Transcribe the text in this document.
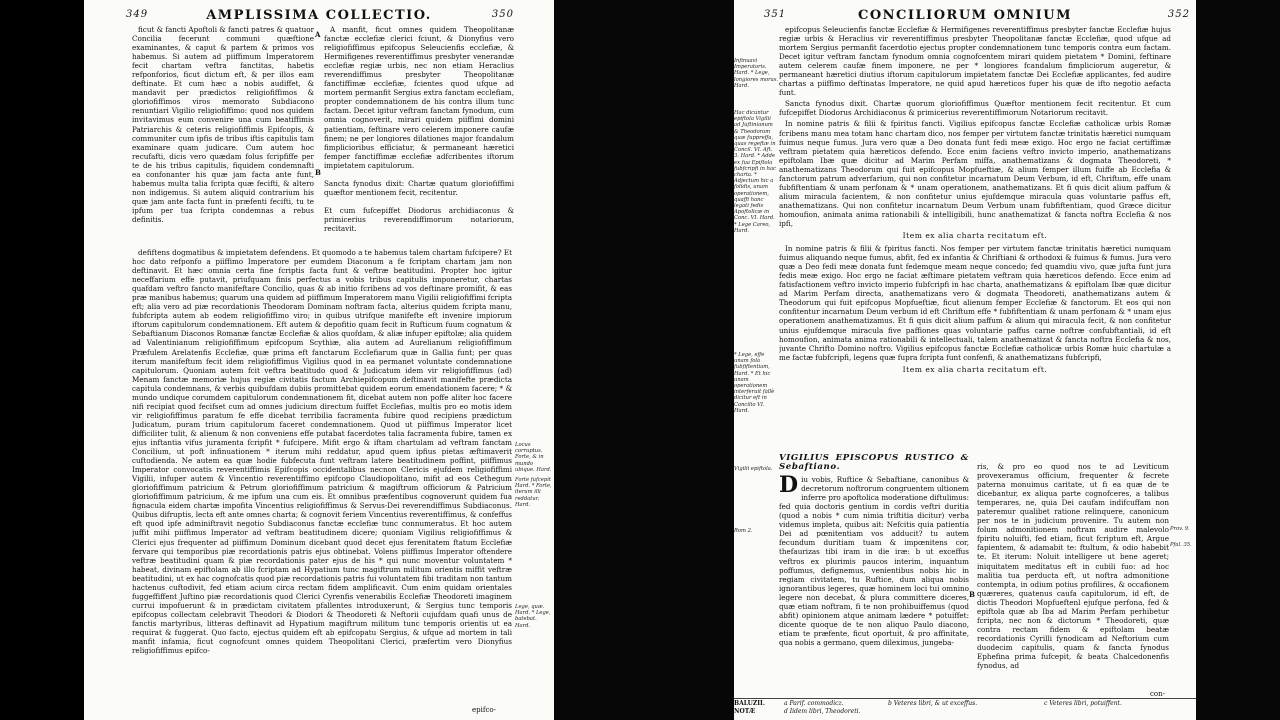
349	AMPLISSIMA COLLECTIO.	350

ficut & fancti Apoftoli & fancti patres & quatuor Concilia fecerunt communi quæftione examinantes, & caput & partem & primos vos habemus. Si autem ad piiffimum Imperatorem fecit chartam veftra fanctitas, habetis refponforios, ficut dictum eft, & per illos eam deftinate. Et cum hæc a nobis audiffet, & mandavit per prædictos religiofiffimos & gloriofiffimos viros memorato Subdiacono renuntiari Vigilio religiofiffimo: quod nos quidem invitavimus eum convenire una cum beatiffimis Patriarchis & ceteris religiofiffimis Epifcopis, & communiter cum ipfis de tribus iftis capitulis tam examinare quam judicare. Cum autem hoc recufafti, dicis vero quædam folus fcripfiffe per te de his tribus capitulis, fiquidem condemnafti ea confonanter his quæ jam facta ante funt, habemus multa talia fcripta quæ fecifti, & altero non indigemus. Si autem aliquid contrarium his quæ jam ante facta funt in præfenti fecifti, tu te ipfum per tua fcripta condemnas a rebus definitis.

A
B

A manfit, ficut omnes quidem Theopolitanæ fanctæ ecclefiæ clerici fciunt, & Dionyfius vero religiofiffimus epifcopus Seleucienfis ecclefiæ, & Hermifigenes reverentiffimus presbyter venerandæ ecclefiæ regiæ urbis, nec non etiam Heraclius reverendiffimus presbyter Theopolitanæ fanctiffimæ ecclefiæ, fcientes quod ufque ad mortem permanfit Sergius extra fanctam ecclefiam, propter condemnationem de his contra illum tunc factam. Decet igitur veftram fanctam fynodum, cum omnia cognoverit, mirari quidem piiffimi domini patientiam, feftinare vero celerem imponere caufæ finem; ne per longiores dilationes major fcandalum fimplicioribus efficiatur, & permaneant hæretici femper fanctiffimæ ecclefiæ adfcribentes iftorum impietatem capitulorum.

Sancta fynodus dixit: Chartæ quatum gloriofiffimi quæftor mentionem fecit, recitentur.

Et cum fufcepiffet Diodorus archidiaconus & primicerius reverendiffimorum notariorum, recitavit.

defiftens dogmatibus & impietatem defendens. Et quomodo a te habemus talem chartam fufcipere? Et hoc dato refponfo a piiffimo Imperatore per eumdem Diaconum a fe fcriptam chartam jam non deftinavit. Et hæc omnia certa fine fcriptis facta funt & veftræ beatitudini. Propter hoc igitur neceffarium effe putavit, priufquam finis perfectus a vobis tribus capitulis imponeretur, chartas quafdam veftro fancto manifeftare Concilio, quas & ab initio fcribens ad vos deftinare promifit, & eas præ manibus habemus; quarum una quidem ad piiffimum Imperatorem manu Vigilii religiofiffimi fcripta eft; alia vero ad piæ recordationis Theodoram Dominam noftram facta, alterius quidem fcripta manu, fubfcripta autem ab eodem religiofiffimo viro; in quibus utrifque manifefte eft invenire impiorum iftorum capitulorum condemnationem. Eft autem & depofitio quam fecit in Rufticum fuum cognatum & Sebaftianum Diaconos Romanæ fanctæ Ecclefiæ & alios quofdam, & aliæ infuper epiftolæ; alia quidem ad Valentinianum religiofiffimum epifcopum Scythiæ, alia autem ad Aurelianum religiofiffimum Præfulem Arelatenfis Ecclefiæ, quæ prima eft fanctarum Ecclefiarum quæ in Gallia funt; per quas iterum manifeftum fecit idem religiofiffimus Vigilius quod in ea permanet voluntate condemnatione capitulorum. Quoniam autem fcit veftra beatitudo quod & Judicatum idem vir religiofiffimus (ad) Menam fanctæ memoriæ hujus regiæ civitatis factum Archiepifcopum deftinavit manifefte prædicta capitula condemnans, & verbis quibufdam dubiis promittebat quidem eorum emendationem facere; * & mundo undique corumdem capitulorum condemnationem fit, dicebat autem non poffe aliter hoc facere nifi recipiat quod fecifset cum ad omnes judicium directum fuiffet Ecclefias, multis pro eo motis idem vir religiofiffimus paratum fe effe dicebat terribilia facramenta fubire quod recipiens prædictum Judicatum, puram trium capitulorum faceret condemnationem. Quod ut piiffimus Imperator licet difficiliter tulit, & alienum & non conveniens effe putabat facerdotes talia facramenta fubire, tamen ex ejus inftantia vifus juramenta fcripfit * fufcipere. Mifit ergo & iftam chartulam ad veftram fanctam Concilium, ut poft infinuationem * iterum mihi reddatur, apud quem ipfius pietas æftimaverit cuftodienda. Ne autem ea quæ hodie fubfecuta funt veftram latere beatitudinem poffint, piiffimus Imperator convocatis reverentiffimis Epifcopis occidentalibus necnon Clericis ejufdem religiofiffimi Vigilii, infuper autem & Vincentio reverentiffimo epifcopo Claudiopolitano, mifit ad eos Cethegum gloriofiffimum patricium & Petrum gloriofiffimum patricium & magiftrum officiorum & Patricium gloriofiffimum patricium, & me ipfum una cum eis. Et omnibus præfentibus cognoverunt quidem fua fignacula eidem chartæ impofita Vincentius religiofiffimus & Servus-Dei reverendiffimus Subdiaconus. Quibus difruptis, lecta eft ante omnes charta; & cognovit feriem Vincentius reverentiffimus, & confeffus eft quod ipfe adminiftravit negotio Subdiaconus fanctæ ecclefiæ tunc connumeratus. Et hoc autem juffit mihi piiffimus Imperator ad veftram beatitudinem dicere; quoniam Vigilius religiofiffimus & Clerici ejus frequenter ad piiffimum Dominum dicebant quod decet ejus ferenitatem ftatum Ecclefiæ fervare qui temporibus piæ recordationis patris ejus obtinebat. Volens piiffimus Imperator oftendere veftræ beatitudini quam & piæ recordationis pater ejus de his * qui nunc moventur voluntatem * habeat, divinam epiftolam ab illo fcriptam ad Hypatium tunc magiftrum militum orientis miffit veftræ beatitudini, ut ex hac cognofcatis quod piæ recordationis patris fui voluntatem fibi traditam non tantum hactenus cuftodivit, fed etiam acium circa rectam fidem amplificavit. Cum enim quidam orientales fuggeffiffent Juftino piæ recordationis quod Clerici Cyrenfis venerabilis Ecclefiæ Theodoreti imaginem currui impofuerunt & in prædictam civitatem pfallentes introduxerunt, & Sergius tunc temporis epifcopus collectam celebravit Theodori & Diodori & Theodoreti & Neftorii cujufdam quafi unus de fanctis martyribus, litteras deftinavit ad Hypatium magiftrum militum tunc temporis orientis ut ea requirat & fuggerat. Quo facto, ejectus quidem eft ab epifcopatu Sergius, & ufque ad mortem in tali manfit infamia, ficut cognofcunt omnes quidem Theopolitani Clerici, præfertim vero Dionyfius religiofiffimus epifco-

Locus corruptus. Forte, & in mundo ubique. Hard.
Forte fufcepit Hard. * Forte, iterum illi reddatur. Hard.
Lege, quæ. Hard. * Lege, batebat. Hard.
epifco-
351	CONCILIORUM OMNIUM	352
Infinuavi Imperatoris. Hard. * Lege, longiores moras. Hard.
Hac dicuntur epiftola Vigilii ad Juftinianum & Theodoram quæ fuppreffa, quas regeftæ in Concil. VI. Aft. 3. Hard. * Adde ex fua Epiftola fubfcripfi in hac charta. * Adjectum hic a folidis, unam operationem, quaffi hanc legati fedis Apoftolicæ in Conc. VI. Hard. * Lege Careo, Hard.
* Lege, effe unam folà fubfiftentiam, Hard. * Et hic unam operationem interferuit fallè dicitur eft in Concilio VI. Hard.
Vigilii epiftola.
Rom 2.	Prov. 9.
Pfal. 35.

epifcopus Seleucienfis fanctæ Ecclefiæ & Hermifigenes reverentiffimus presbyter fanctæ Ecclefiæ hujus regiæ urbis & Heraclius vir reverentiffimus presbyter Theopolitanæ fanctæ Ecclefiæ, quod ufque ad mortem Sergius permanfit facerdotio ejectus propter condemnationem tunc temporis contra eum factam. Decet igitur veftram fanctam fynodum omnia cognofcentem mirari quidem pietatem * Domini, feftinare autem celerem caufæ finem imponere, ne per * longiores fcandalum fimpliciorum augeretur, & permaneant hæretici diutius iftorum capitulorum impietatem fanctæ Dei Ecclefiæ applicantes, fed audire chartas a piiffimo deftinatas Imperatore, ne quid apud hæreticos fuper his quæ de ifto negotio aefacta funt.

Sancta fynodus dixit. Chartæ quorum gloriofiffimus Quæftor mentionem fecit recitentur. Et cum fufcepiffet Diodorus Archidiaconus & primicerius reverentiffimorum Notariorum recitavit.

In nomine patris & filii & fpiritus fancti. Vigilius epifcopus fanctæ Ecclefiæ catholicæ urbis Romæ fcribens manu mea totam hanc chartam dico, nos femper per virtutem fanctæ trinitatis hæretici numquam fuimus neque fumus. Jura vero quæ a Deo donata funt fedi meæ exigo. Hoc ergo ne faciat certiffimæ veftram pietatem quia hæreticos defendo. Ecce enim faciens veftro invicto imperio, anathematizans epiftolam Ibæ quæ dicitur ad Marim Perfam miffa, anathematizans & dogmata Theodoreti, * anathematizans Theodorum qui fuit epifcopus Mopfueftiæ, & alium femper illum fuiffe ab Ecclefia & fanctorum patrum adverfarium, qui non confitetur incarnatum Deum Verbum, id eft, Chriftum, effe unam fubfiftentiam & unam perfonam & * unam operationem, anathematizans. Et fi quis dicit alium paffum & alium miracula facientem, & non confitetur unius ejufdemque miracula quas voluntarie paffus eft, anathematizans. Qui non confitetur incarnatum Deum Verbum unam fubfiftentiam, quod Græce dicitur homoufion, animata anima rationabili & intelligibili, hunc anathematizat & fancta noftra Ecclefia & nos ipfi,

Item ex alia charta recitatum eft.

In nomine patris & filii & fpiritus fancti. Nos femper per virtutem fanctæ trinitatis hæretici numquam fuimus aliquando neque fumus, abfit, fed ex infantia & Chriftiani & orthodoxi & fuimus & fumus. Jura vero quæ a Deo fedi meæ donata funt fedemque meam neque concedo; fed quamdiu vivo, quæ jufta funt jura fedis meæ exigo. Hoc ergo ne faciat æftimare pietatem veftram quia hæreticos defendo. Ecce enim ad fatisfactionem veftro invicto imperio fubfcripfi in hac charta, anathematizans & epiftolam Ibæ quæ dicitur ad Marim Perfam directa, anathematizans vero & dogmata Theodoreti, anathematizans autem & Theodorum qui fuit epifcopus Mopfueftiæ, ficut alienum femper Ecclefiæ & fanctorum. Et eos qui non confitentur incarnatum Deum verbum id eft Chriftum effe * fubfiftentiam & unam perfonam & * unam ejus operationem anathematizamus. Et fi quis dicit alium paffum & alium qui miracula fecit, & non confitetur unius ejufdemque miracula five paffiones quas voluntarie paffus carne noftræ confubftantiali, id eft homoufion, animata anima rationabili & intellectuali, talem anathematizat & fancta noftra Ecclefia & nos, juvante Chrifto Domino noftro. Vigilius epifcopus fanctæ Ecclefiæ catholicæ urbis Romæ huic chartulæ a me factæ fubfcripfi, legens quæ fupra fcripta funt confenfi, & anathematizans fubfcripfi,

Item ex alia charta recitatum eft.
VIGILIUS EPISCOPUS RUSTICO & Sebaftiano.
D iu vobis, Ruftice & Sebaftiane, canonibus & decretorum noftrorum congruentem ultionem inferre pro apoftolica moderatione diftulimus: fed quia doctoris gentium in cordis veftri duritia (quod a nobis * cum nimia triftitia dicitur) verba videmus impleta, quibus ait: Nefcitis quia patientia Dei ad pœnitentiam vos adducit? tu autem fecundum duritiam tuam & impœnitens cor, thefaurizas tibi iram in die iræ: b ut exceffus veftros ex plurimis paucos interim, inquantum poffumus, defignemus, venientibus nobis hic in regiam civitatem, tu Ruftice, dum aliqua nobis ignorantibus legeres, quæ hominem loci tui omnino legere non decebat, & plura committere diceres, quæ etiam noftram, fi te non prohibuiffemus (quod abfit) opinionem atque animam lædere * potuiffet: dicente quoque de te non aliquo Paulo diacono, etiam te præfente, ficut oportuit, & pro affinitate, qua nobis a germano, quem dileximus, jungeba-

B

ris, & pro eo quod nos te ad Leviticum provexeramus officium, frequenter & fecrete paterna monuimus caritate, ut fi ea quæ de te dicebantur, ex aliqua parte cognofceres, a talibus temperares, ne, quia Dei caufam indifcuffam non pateremur qualibet ratione relinquere, canonicum per nos te in judicium provenire. Tu autem non folum admonitionem noftram audire malevolo fpiritu noluifti, fed etiam, ficut fcriptum eft, Argue fapientem, & adamabit te: ftultum, & odio habebit te. Et iterum: Noluit intelligere ut bene ageret; iniquitatem meditatus eft in cubili fuo: ad hoc malitia tua perducta eft, ut noftra admonitione contempta, in odium potius profilires, & occafionem quæreres, quatenus caufa capitulorum, id eft, de dictis Theodori Mopfueftenl ejufque perfona, fed & epiftola quæ ab Iba ad Marim Perfam perhibetur fcripta, nec non & dictorum * Theodoreti, quæ contra rectam fidem & epiftolam beatæ recordationis Cyrilli fynodicam ad Neftorium cum duodecim capitulis, quam & fancta fynodus Ephefina prima fufcepit, & beata Chalcedonenfis fynodus, ad

con-
BALUZII.
NOTÆ
a Parif. commodicz.
d Iidem libri, Theodoreti.
b Veteres libri, & ut exceffus.	c Veteres libri, potuiffent.
